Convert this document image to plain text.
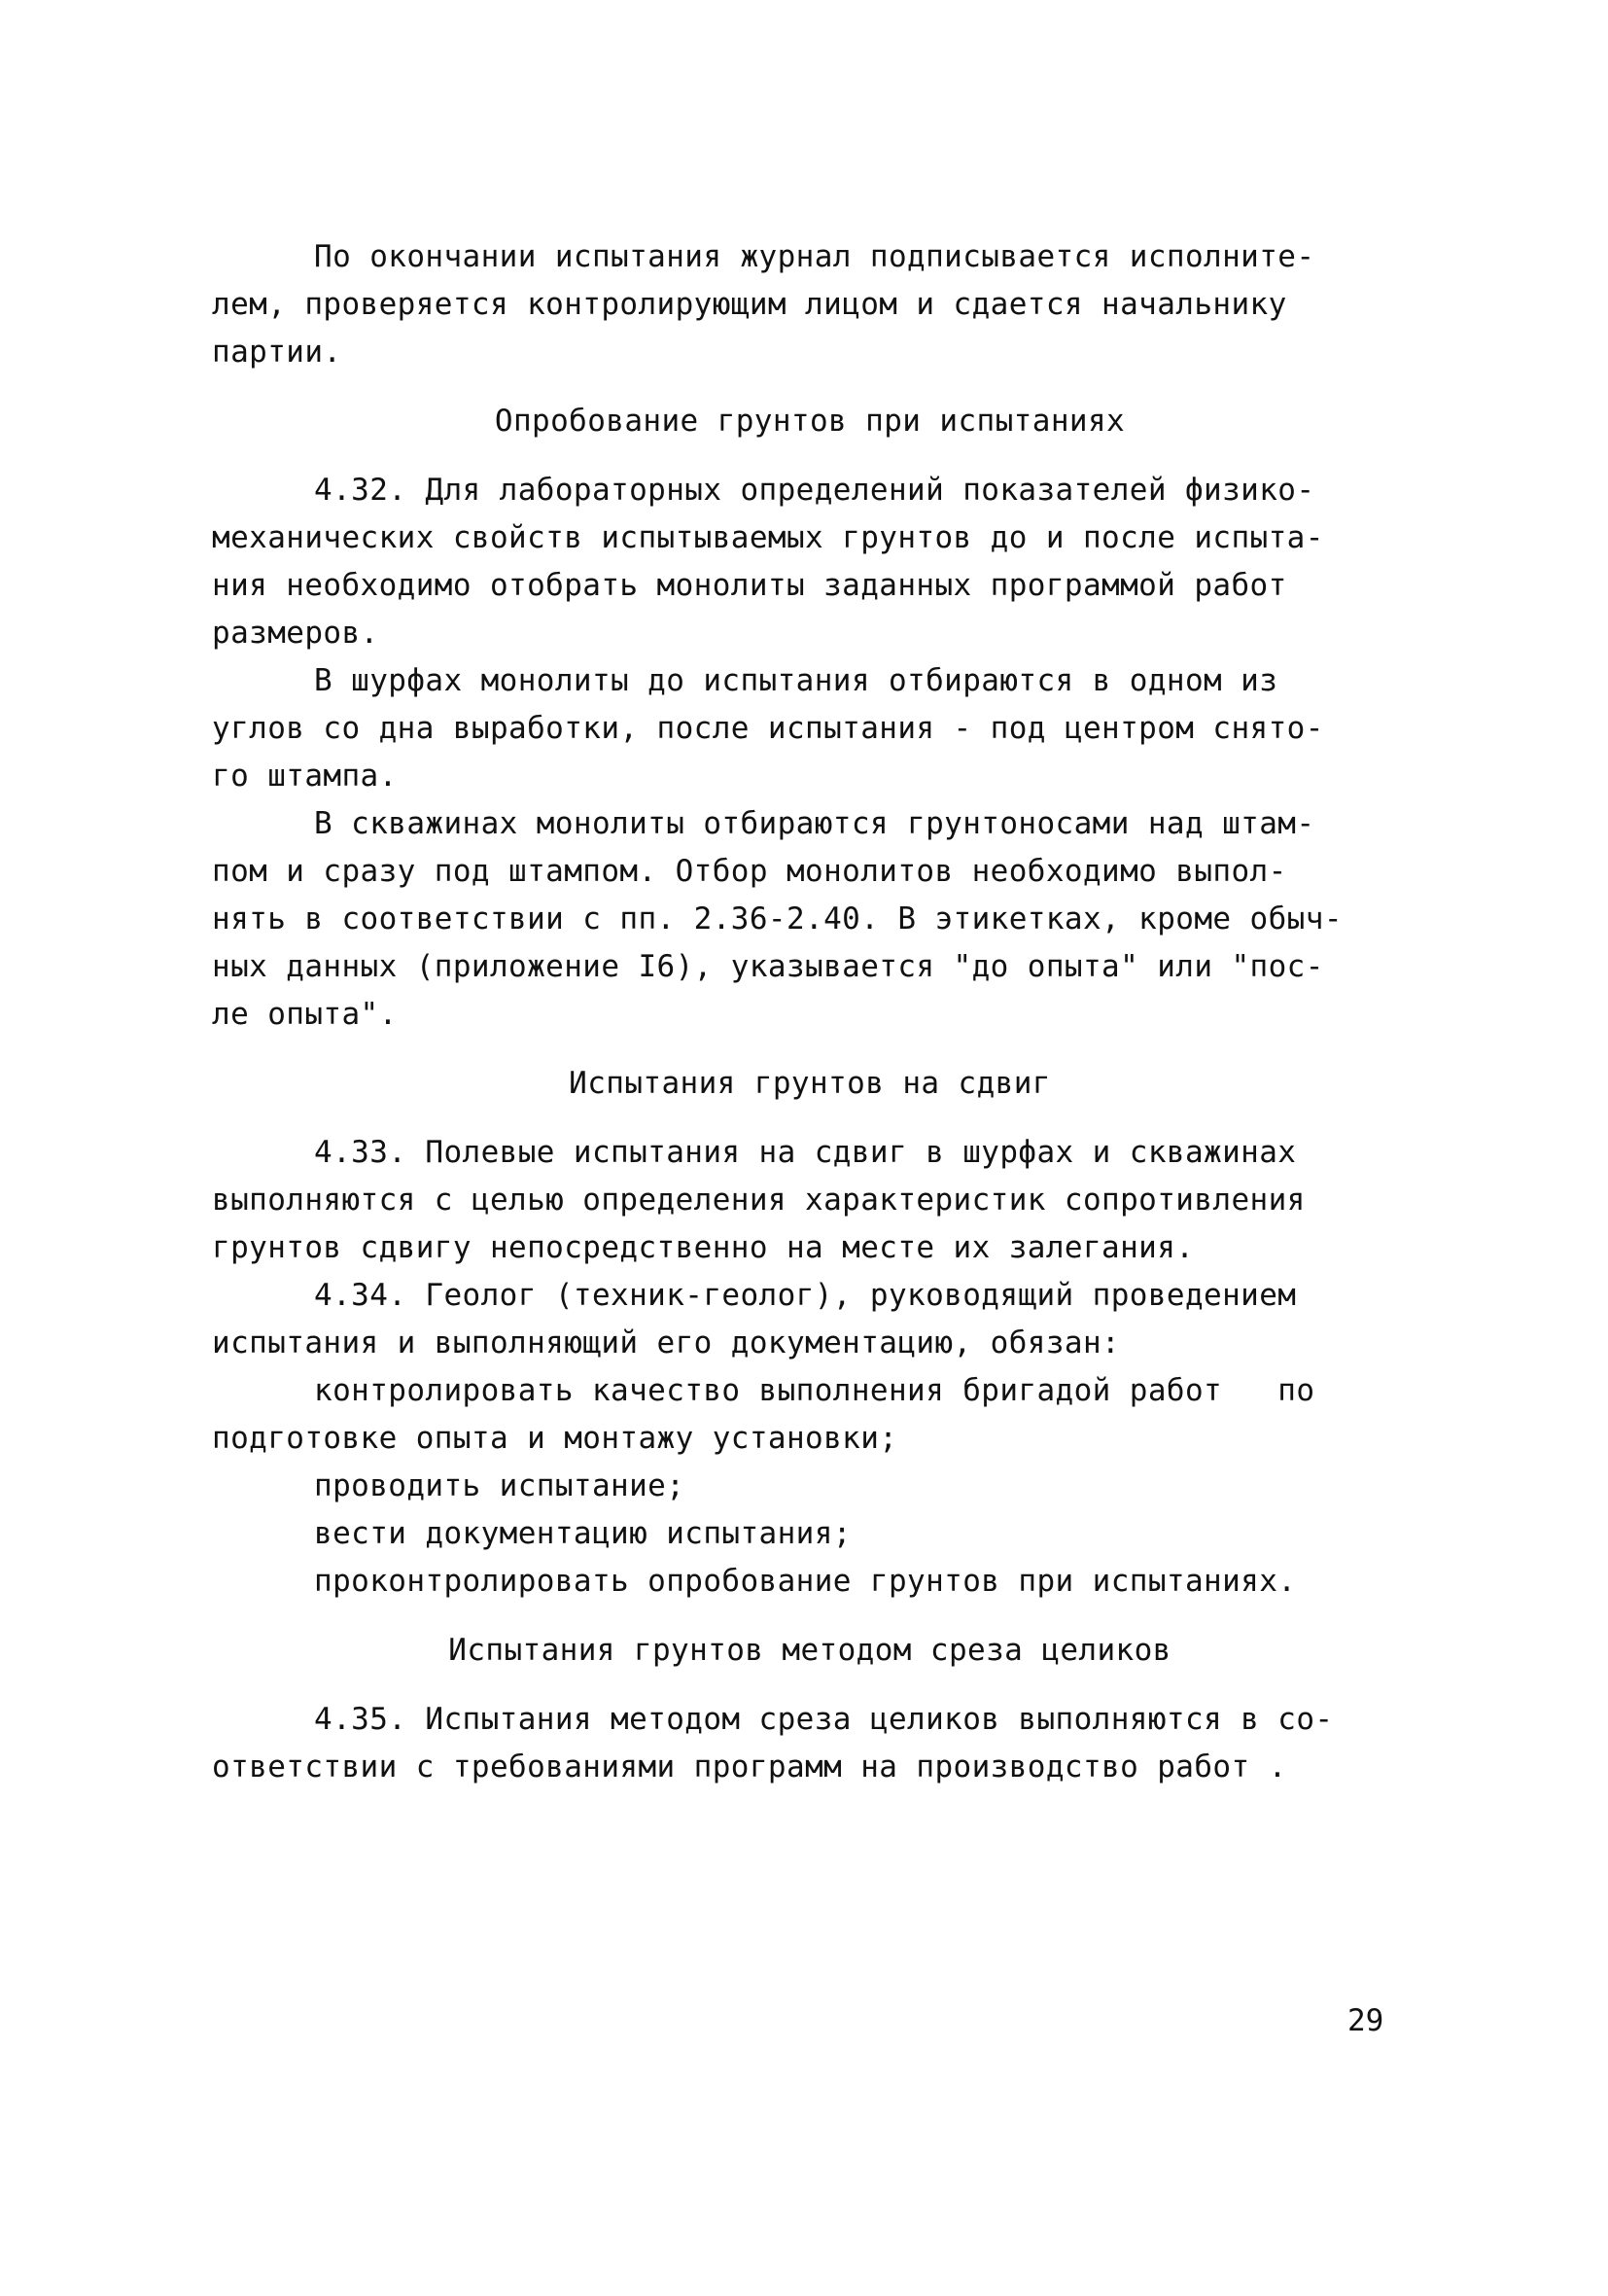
По окончании испытания журнал подписывается исполните-
лем, проверяется контролирующим лицом и сдается начальнику
партии.
Опробование грунтов при испытаниях
4.32. Для лабораторных определений показателей физико-
механических свойств испытываемых грунтов до и после испыта-
ния необходимо отобрать монолиты заданных программой работ
размеров.
В шурфах монолиты до испытания отбираются в одном из
углов со дна выработки, после испытания - под центром снято-
го штампа.
В скважинах монолиты отбираются грунтоносами над штам-
пом и сразу под штампом. Отбор монолитов необходимо выпол-
нять в соответствии с пп. 2.36-2.40. В этикетках, кроме обыч-
ных данных (приложение I6), указывается "до опыта" или "пос-
ле опыта".
Испытания грунтов на сдвиг
4.33. Полевые испытания на сдвиг в шурфах и скважинах
выполняются с целью определения характеристик сопротивления
грунтов сдвигу непосредственно на месте их залегания.
4.34. Геолог (техник-геолог), руководящий проведением
испытания и выполняющий его документацию, обязан:
контролировать качество выполнения бригадой работ   по
подготовке опыта и монтажу установки;
проводить испытание;
вести документацию испытания;
проконтролировать опробование грунтов при испытаниях.
Испытания грунтов методом среза целиков
4.35. Испытания методом среза целиков выполняются в со-
ответствии с требованиями программ на производство работ .
29
